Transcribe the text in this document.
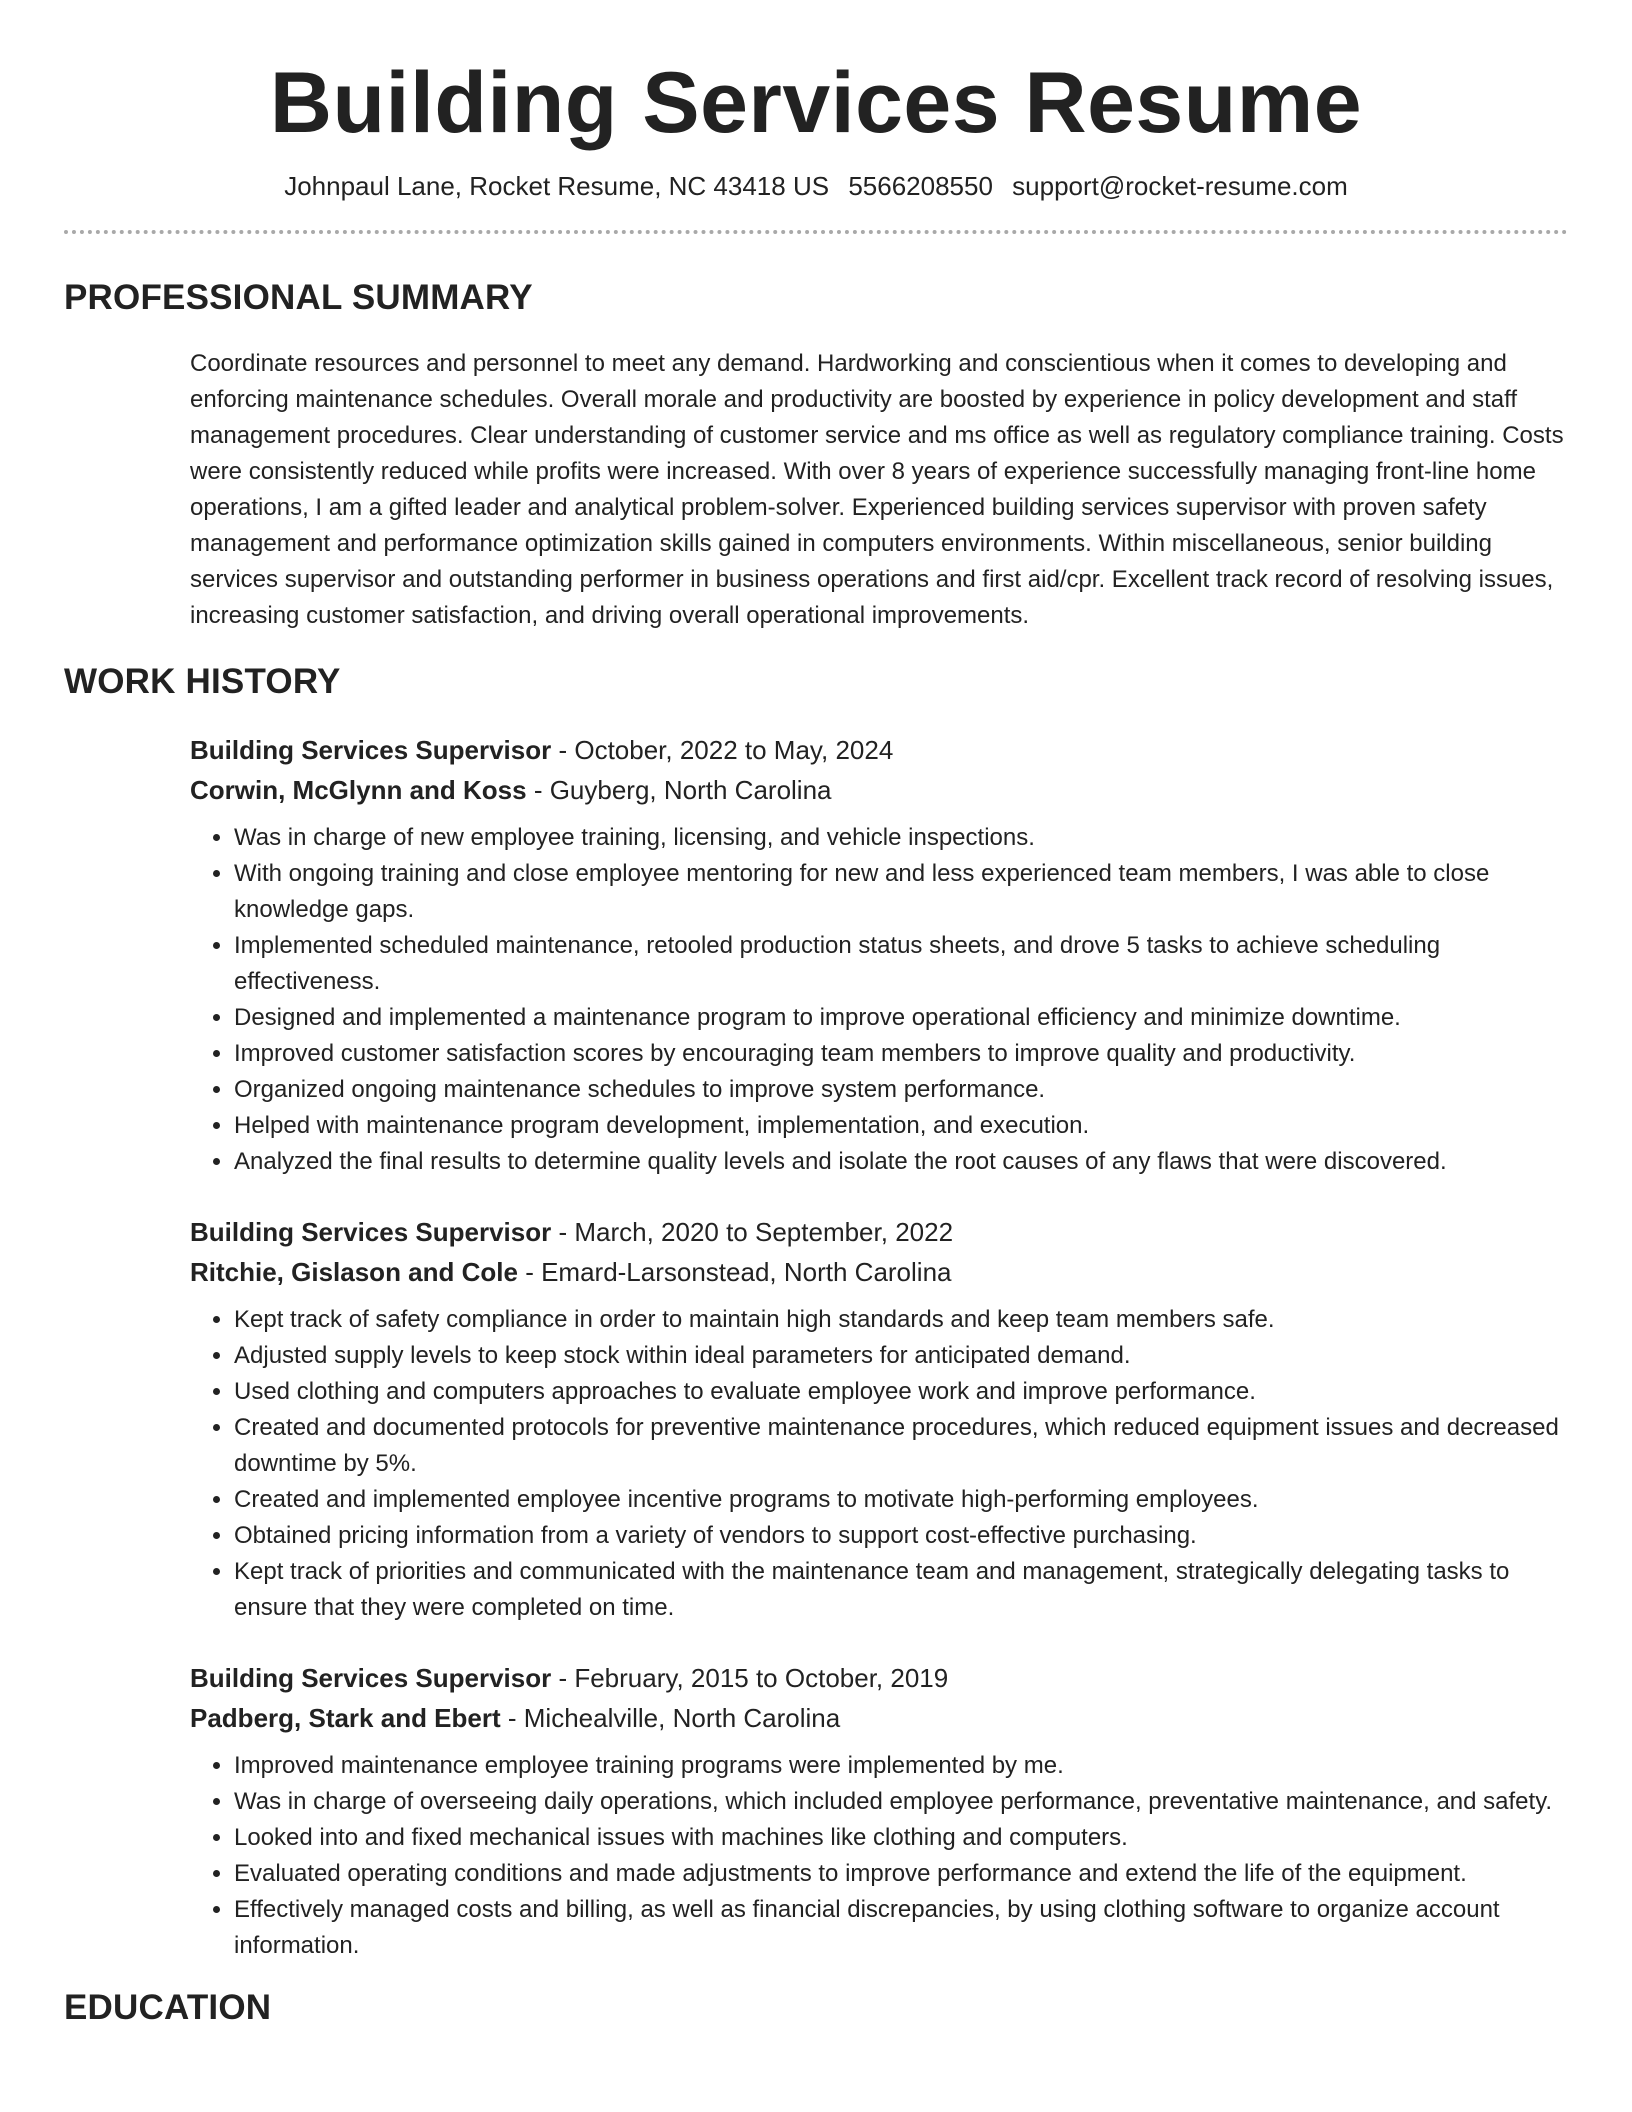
Building Services Resume
Johnpaul Lane, Rocket Resume, NC 43418 US 5566208550 support@rocket-resume.com
PROFESSIONAL SUMMARY

Coordinate resources and personnel to meet any demand. Hardworking and conscientious when it comes to developing and enforcing maintenance schedules. Overall morale and productivity are boosted by experience in policy development and staff management procedures. Clear understanding of customer service and ms office as well as regulatory compliance training. Costs were consistently reduced while profits were increased. With over 8 years of experience successfully managing front-line home operations, I am a gifted leader and analytical problem-solver. Experienced building services supervisor with proven safety management and performance optimization skills gained in computers environments. Within miscellaneous, senior building services supervisor and outstanding performer in business operations and first aid/cpr. Excellent track record of resolving issues, increasing customer satisfaction, and driving overall operational improvements.

WORK HISTORY
Building Services Supervisor - October, 2022 to May, 2024
Corwin, McGlynn and Koss - Guyberg, North Carolina
• Was in charge of new employee training, licensing, and vehicle inspections.
• With ongoing training and close employee mentoring for new and less experienced team members, I was able to close knowledge gaps.
• Implemented scheduled maintenance, retooled production status sheets, and drove 5 tasks to achieve scheduling effectiveness.
• Designed and implemented a maintenance program to improve operational efficiency and minimize downtime.
• Improved customer satisfaction scores by encouraging team members to improve quality and productivity.
• Organized ongoing maintenance schedules to improve system performance.
• Helped with maintenance program development, implementation, and execution.
• Analyzed the final results to determine quality levels and isolate the root causes of any flaws that were discovered.
Building Services Supervisor - March, 2020 to September, 2022
Ritchie, Gislason and Cole - Emard-Larsonstead, North Carolina
• Kept track of safety compliance in order to maintain high standards and keep team members safe.
• Adjusted supply levels to keep stock within ideal parameters for anticipated demand.
• Used clothing and computers approaches to evaluate employee work and improve performance.
• Created and documented protocols for preventive maintenance procedures, which reduced equipment issues and decreased downtime by 5%.
• Created and implemented employee incentive programs to motivate high-performing employees.
• Obtained pricing information from a variety of vendors to support cost-effective purchasing.
• Kept track of priorities and communicated with the maintenance team and management, strategically delegating tasks to ensure that they were completed on time.
Building Services Supervisor - February, 2015 to October, 2019
Padberg, Stark and Ebert - Michealville, North Carolina
• Improved maintenance employee training programs were implemented by me.
• Was in charge of overseeing daily operations, which included employee performance, preventative maintenance, and safety.
• Looked into and fixed mechanical issues with machines like clothing and computers.
• Evaluated operating conditions and made adjustments to improve performance and extend the life of the equipment.
• Effectively managed costs and billing, as well as financial discrepancies, by using clothing software to organize account information.
EDUCATION
